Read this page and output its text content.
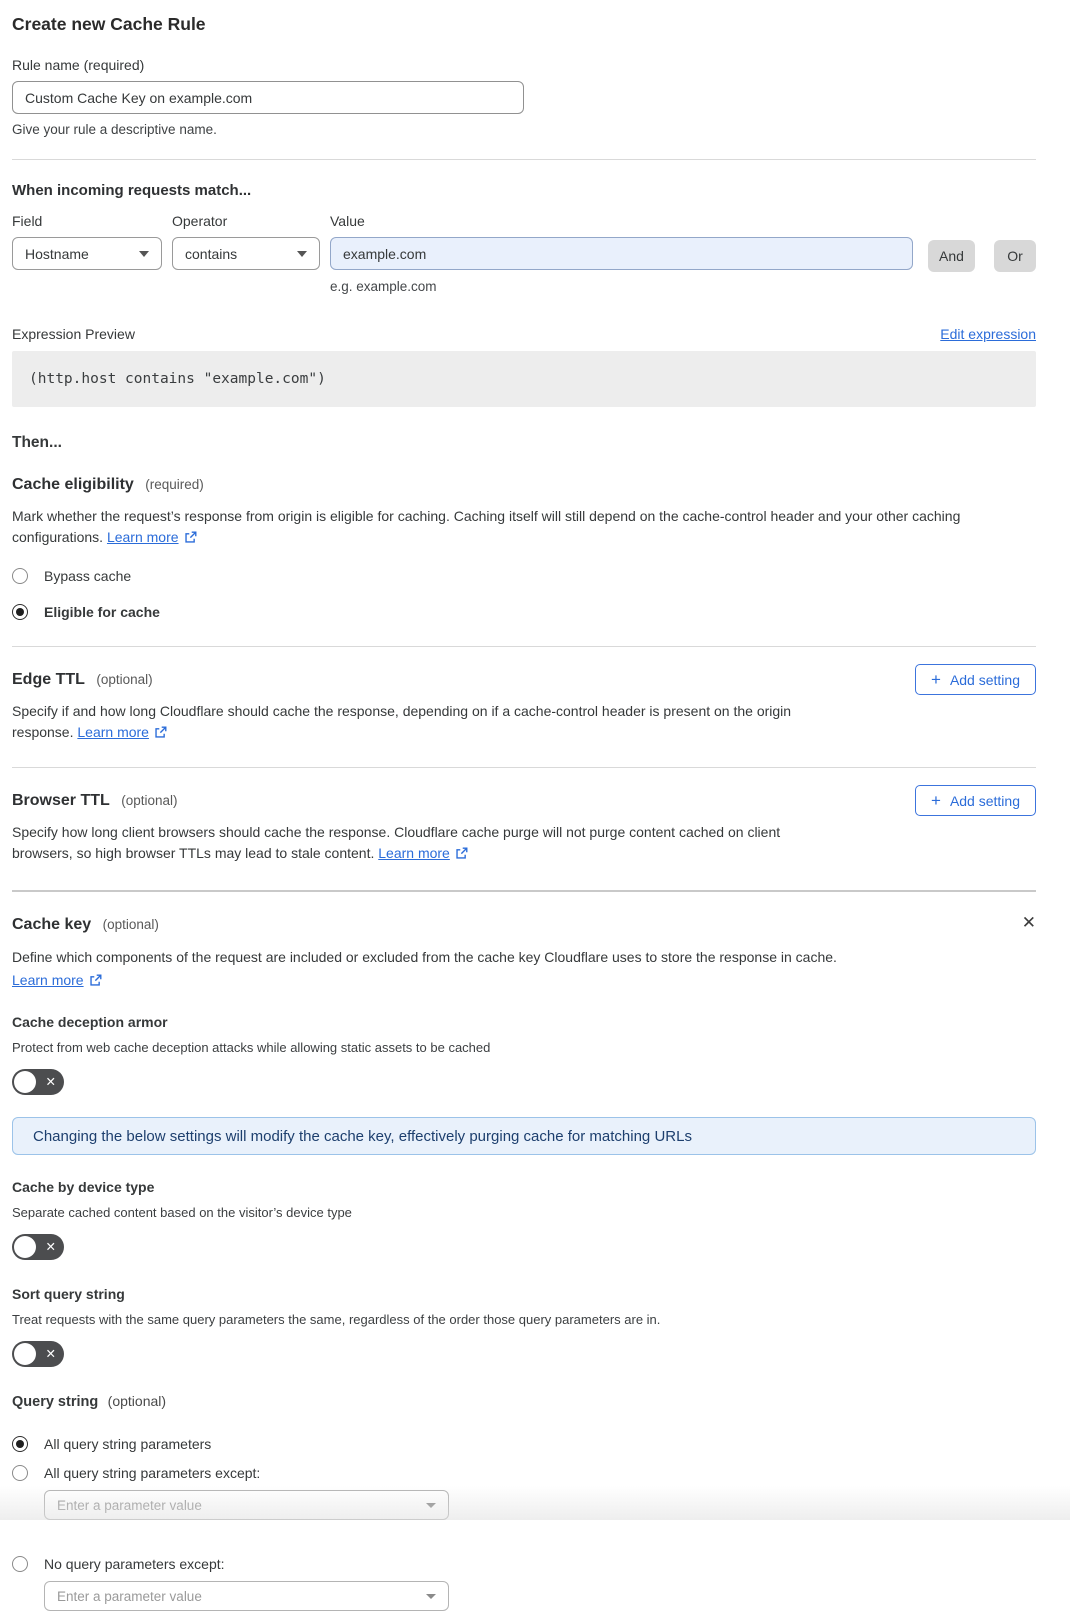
Create new Cache Rule
Rule name (required)
Custom Cache Key on example.com
Give your rule a descriptive name.
When incoming requests match...
Field
Hostname
Operator
contains
Value
example.com
e.g. example.com
And	Or
Expression Preview	Edit expression
(http.host contains "example.com")
Then...
Cache eligibility (required)

Mark whether the request’s response from origin is eligible for caching. Caching itself will still depend on the cache-control header and your other caching configurations. Learn more

Bypass cache
Eligible for cache
+ Add setting
Edge TTL (optional)

Specify if and how long Cloudflare should cache the response, depending on if a cache-control header is present on the origin response. Learn more

+ Add setting
Browser TTL (optional)

Specify how long client browsers should cache the response. Cloudflare cache purge will not purge content cached on client browsers, so high browser TTLs may lead to stale content. Learn more

✕
Cache key (optional)

Define which components of the request are included or excluded from the cache key Cloudflare uses to store the response in cache.

Learn more
Cache deception armor
Protect from web cache deception attacks while allowing static assets to be cached
✕
Changing the below settings will modify the cache key, effectively purging cache for matching URLs
Cache by device type
Separate cached content based on the visitor’s device type
✕
Sort query string
Treat requests with the same query parameters the same, regardless of the order those query parameters are in.
✕
Query string (optional)
All query string parameters
All query string parameters except:
Enter a parameter value
No query parameters except:
Enter a parameter value
